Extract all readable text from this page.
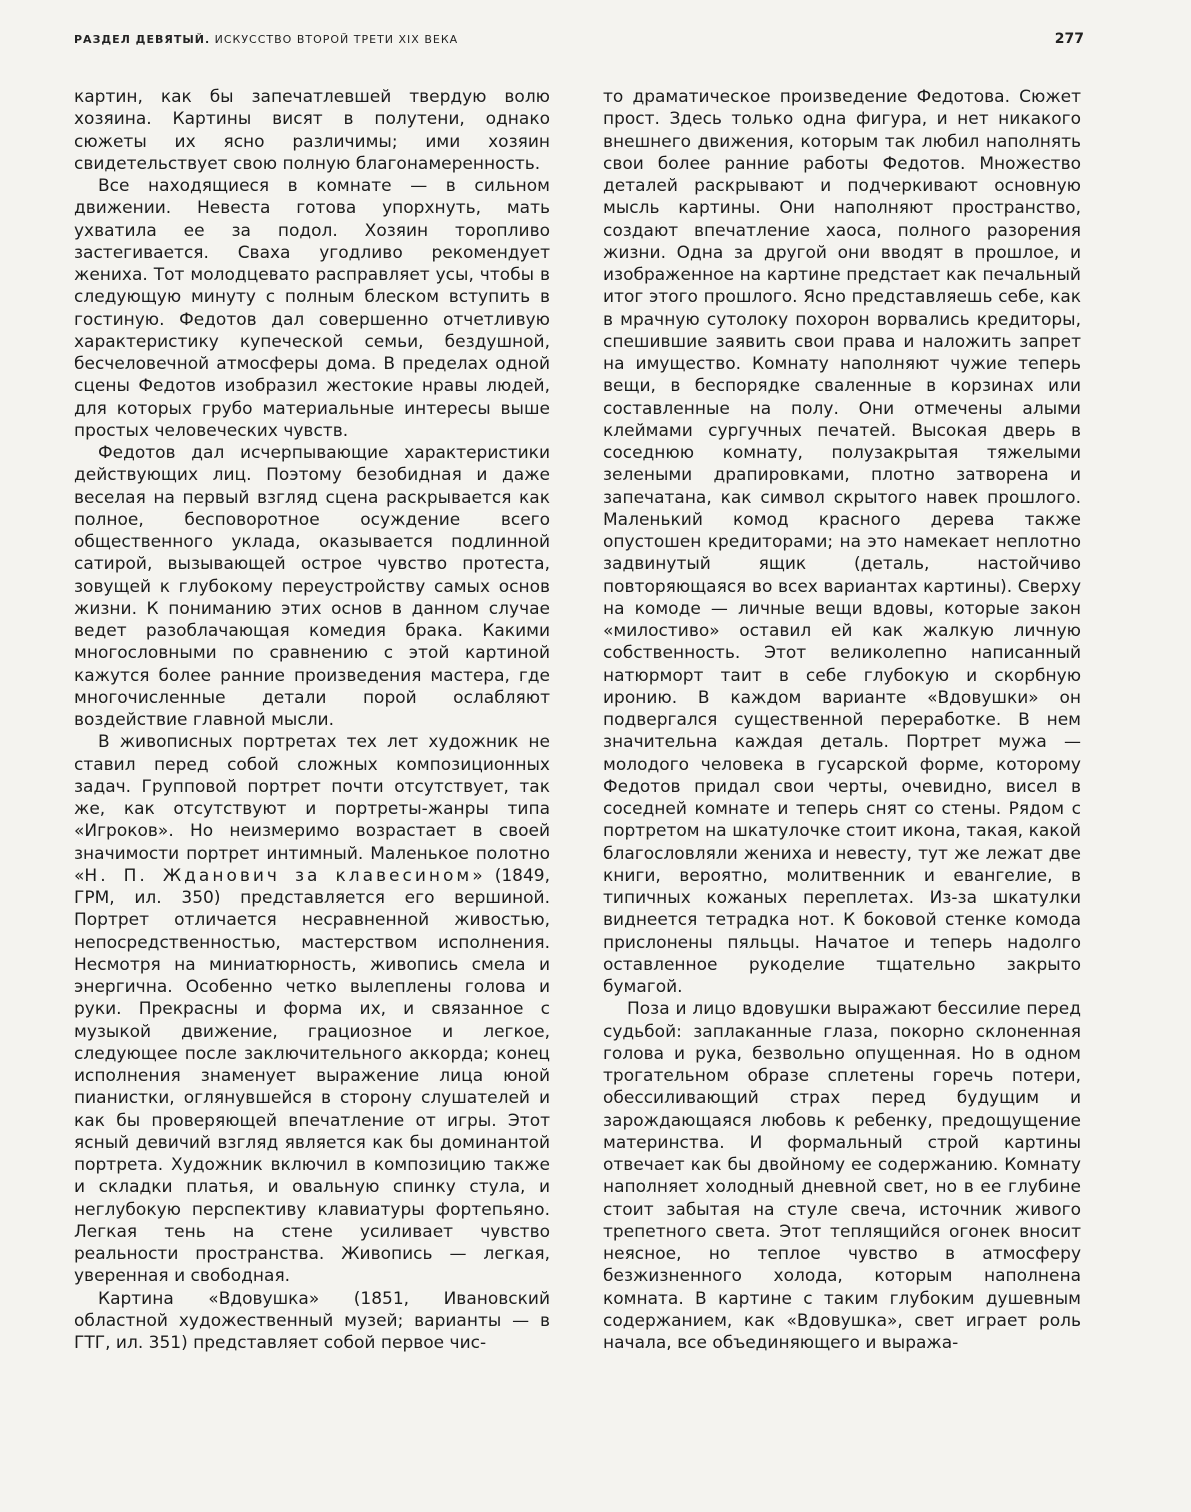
РАЗДЕЛ ДЕВЯТЫЙ. ИСКУССТВО ВТОРОЙ ТРЕТИ XIX ВЕКА	277

картин, как бы запечатлевшей твердую волю хозяина. Картины висят в полутени, однако сюжеты их ясно различимы; ими хозяин свидетельствует свою полную благонамеренность.

Все находящиеся в комнате — в сильном движении. Невеста готова упорхнуть, мать ухватила ее за подол. Хозяин торопливо застегивается. Сваха угодливо рекомендует жениха. Тот молодцевато расправляет усы, чтобы в следующую минуту с полным блеском вступить в гостиную. Федотов дал совершенно отчетливую характеристику купеческой семьи, бездушной, бесчеловечной атмосферы дома. В пределах одной сцены Федотов изобразил жестокие нравы людей, для которых грубо материальные интересы выше простых человеческих чувств.

Федотов дал исчерпывающие характеристики действующих лиц. Поэтому безобидная и даже веселая на первый взгляд сцена раскрывается как полное, бесповоротное осуждение всего общественного уклада, оказывается подлинной сатирой, вызывающей острое чувство протеста, зовущей к глубокому переустройству самых основ жизни. К пониманию этих основ в данном случае ведет разоблачающая комедия брака. Какими многословными по сравнению с этой картиной кажутся более ранние произведения мастера, где многочисленные детали порой ослабляют воздействие главной мысли.

В живописных портретах тех лет художник не ставил перед собой сложных композиционных задач. Групповой портрет почти отсутствует, так же, как отсутствуют и портреты-жанры типа «Игроков». Но неизмеримо возрастает в своей значимости портрет интимный. Маленькое полотно «Н. П. Жданович за клавесином» (1849, ГРМ, ил. 350) представляется его вершиной. Портрет отличается несравненной живостью, непосредственностью, мастерством исполнения. Несмотря на миниатюрность, живопись смела и энергична. Особенно четко вылеплены голова и руки. Прекрасны и форма их, и связанное с музыкой движение, грациозное и легкое, следующее после заключительного аккорда; конец исполнения знаменует выражение лица юной пианистки, оглянувшейся в сторону слушателей и как бы проверяющей впечатление от игры. Этот ясный девичий взгляд является как бы доминантой портрета. Художник включил в композицию также и складки платья, и овальную спинку стула, и неглубокую перспективу клавиатуры фортепьяно. Легкая тень на стене усиливает чувство реальности пространства. Живопись — легкая, уверенная и свободная.

Картина «Вдовушка» (1851, Ивановский областной художественный музей; варианты — в ГТГ, ил. 351) представляет собой первое чис-

то драматическое произведение Федотова. Сюжет прост. Здесь только одна фигура, и нет никакого внешнего движения, которым так любил наполнять свои более ранние работы Федотов. Множество деталей раскрывают и подчеркивают основную мысль картины. Они наполняют пространство, создают впечатление хаоса, полного разорения жизни. Одна за другой они вводят в прошлое, и изображенное на картине предстает как печальный итог этого прошлого. Ясно представляешь себе, как в мрачную сутолоку похорон ворвались кредиторы, спешившие заявить свои права и наложить запрет на имущество. Комнату наполняют чужие теперь вещи, в беспорядке сваленные в корзинах или составленные на полу. Они отмечены алыми клеймами сургучных печатей. Высокая дверь в соседнюю комнату, полузакрытая тяжелыми зелеными драпировками, плотно затворена и запечатана, как символ скрытого навек прошлого. Маленький комод красного дерева также опустошен кредиторами; на это намекает неплотно задвинутый ящик (деталь, настойчиво повторяющаяся во всех вариантах картины). Сверху на комоде — личные вещи вдовы, которые закон «милостиво» оставил ей как жалкую личную собственность. Этот великолепно написанный натюрморт таит в себе глубокую и скорбную иронию. В каждом варианте «Вдовушки» он подвергался существенной переработке. В нем значительна каждая деталь. Портрет мужа — молодого человека в гусарской форме, которому Федотов придал свои черты, очевидно, висел в соседней комнате и теперь снят со стены. Рядом с портретом на шкатулочке стоит икона, такая, какой благословляли жениха и невесту, тут же лежат две книги, вероятно, молитвенник и евангелие, в типичных кожаных переплетах. Из-за шкатулки виднеется тетрадка нот. К боковой стенке комода прислонены пяльцы. Начатое и теперь надолго оставленное рукоделие тщательно закрыто бумагой.

Поза и лицо вдовушки выражают бессилие перед судьбой: заплаканные глаза, покорно склоненная голова и рука, безвольно опущенная. Но в одном трогательном образе сплетены горечь потери, обессиливающий страх перед будущим и зарождающаяся любовь к ребенку, предощущение материнства. И формальный строй картины отвечает как бы двойному ее содержанию. Комнату наполняет холодный дневной свет, но в ее глубине стоит забытая на стуле свеча, источник живого трепетного света. Этот теплящийся огонек вносит неясное, но теплое чувство в атмосферу безжизненного холода, которым наполнена комната. В картине с таким глубоким душевным содержанием, как «Вдовушка», свет играет роль начала, все объединяющего и выража-
